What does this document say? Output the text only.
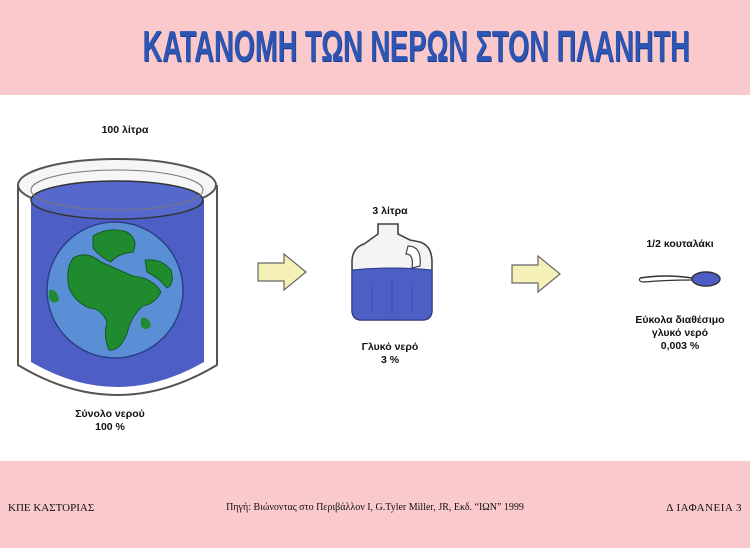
ΚΑΤΑΝΟΜΗ ΤΩΝ ΝΕΡΩΝ ΣΤΟΝ ΠΛΑΝΗΤΗ
100 λίτρα
Σύνολο νερού
100 %
3 λίτρα
Γλυκό νερό
3 %
1/2 κουταλάκι
Εύκολα διαθέσιμο
γλυκό νερό
0,003 %
ΚΠΕ ΚΑΣΤΟΡΙΑΣ	Πηγή: Βιώνοντας στο Περιβάλλον Ι, G.Tyler Miller, JR, Εκδ. “ΙΩΝ” 1999	Δ ΙΑΦΑΝΕΙΑ 3
